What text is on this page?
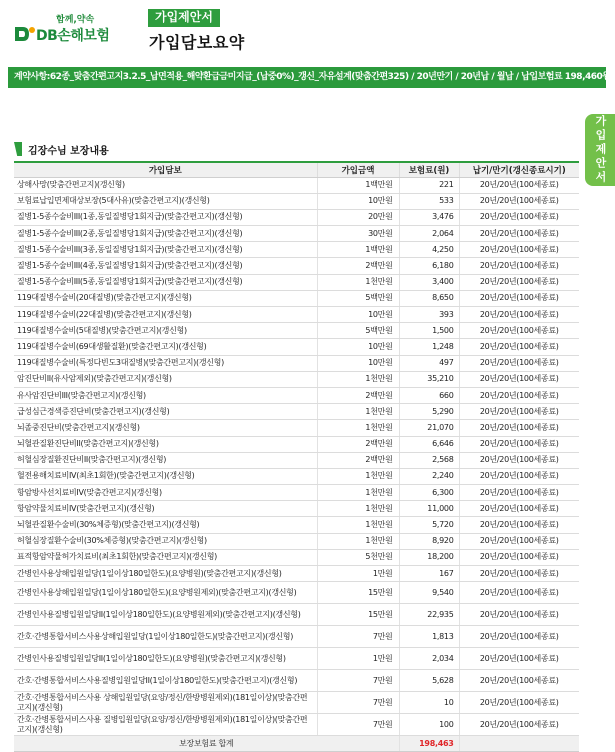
함께,약속
DB손해보험
가입제안서
가입담보요약
계약사항:62종_맞춤간편고지3.2.5_납면적용_해약환급금미지급_(납중0%)_갱신_자유설계(맞춤간편325) / 20년만기 / 20년납 / 월납 / 납입보험료 198,460원
가입제안서
김장수님 보장내용
가입담보	가입금액	보험료(원)	납기/만기(갱신종료시기)
상해사망(맞춤간편고지)(갱신형)	1백만원	221	20년/20년(100세종료)
보험료납입면제대상보장(5대사유)(맞춤간편고지)(갱신형)	10만원	533	20년/20년(100세종료)
질병1-5종수술비III(1종,동일질병당1회지급)(맞춤간편고지)(갱신형)	20만원	3,476	20년/20년(100세종료)
질병1-5종수술비III(2종,동일질병당1회지급)(맞춤간편고지)(갱신형)	30만원	2,064	20년/20년(100세종료)
질병1-5종수술비III(3종,동일질병당1회지급)(맞춤간편고지)(갱신형)	1백만원	4,250	20년/20년(100세종료)
질병1-5종수술비III(4종,동일질병당1회지급)(맞춤간편고지)(갱신형)	2백만원	6,180	20년/20년(100세종료)
질병1-5종수술비III(5종,동일질병당1회지급)(맞춤간편고지)(갱신형)	1천만원	3,400	20년/20년(100세종료)
119대질병수술비(20대질병)(맞춤간편고지)(갱신형)	5백만원	8,650	20년/20년(100세종료)
119대질병수술비(22대질병)(맞춤간편고지)(갱신형)	10만원	393	20년/20년(100세종료)
119대질병수술비(5대질병)(맞춤간편고지)(갱신형)	5백만원	1,500	20년/20년(100세종료)
119대질병수술비(69대생활질환)(맞춤간편고지)(갱신형)	10만원	1,248	20년/20년(100세종료)
119대질병수술비(특정다빈도3대질병)(맞춤간편고지)(갱신형)	10만원	497	20년/20년(100세종료)
암진단비II(유사암제외)(맞춤간편고지)(갱신형)	1천만원	35,210	20년/20년(100세종료)
유사암진단비III(맞춤간편고지)(갱신형)	2백만원	660	20년/20년(100세종료)
급성심근경색증진단비(맞춤간편고지)(갱신형)	1천만원	5,290	20년/20년(100세종료)
뇌졸중진단비(맞춤간편고지)(갱신형)	1천만원	21,070	20년/20년(100세종료)
뇌혈관질환진단비II(맞춤간편고지)(갱신형)	2백만원	6,646	20년/20년(100세종료)
허혈심장질환진단비II(맞춤간편고지)(갱신형)	2백만원	2,568	20년/20년(100세종료)
혈전용해치료비IV(최초1회한)(맞춤간편고지)(갱신형)	1천만원	2,240	20년/20년(100세종료)
항암방사선치료비IV(맞춤간편고지)(갱신형)	1천만원	6,300	20년/20년(100세종료)
항암약물치료비IV(맞춤간편고지)(갱신형)	1천만원	11,000	20년/20년(100세종료)
뇌혈관질환수술비(30%체증형)(맞춤간편고지)(갱신형)	1천만원	5,720	20년/20년(100세종료)
허혈심장질환수술비(30%체증형)(맞춤간편고지)(갱신형)	1천만원	8,920	20년/20년(100세종료)
표적항암약물허가치료비(최초1회한)(맞춤간편고지)(갱신형)	5천만원	18,200	20년/20년(100세종료)
간병인사용상해입원일당(1일이상180일한도)(요양병원)(맞춤간편고지)(갱신형)	1만원	167	20년/20년(100세종료)
간병인사용상해입원일당(1일이상180일한도)(요양병원제외)(맞춤간편고지)(갱신형)	15만원	9,540	20년/20년(100세종료)
간병인사용질병입원일당II(1일이상180일한도)(요양병원제외)(맞춤간편고지)(갱신형)	15만원	22,935	20년/20년(100세종료)
간호·간병통합서비스사용상해입원일당(1일이상180일한도)(맞춤간편고지)(갱신형)	7만원	1,813	20년/20년(100세종료)
간병인사용질병입원일당II(1일이상180일한도)(요양병원)(맞춤간편고지)(갱신형)	1만원	2,034	20년/20년(100세종료)
간호·간병통합서비스사용질병입원일당II(1일이상180일한도)(맞춤간편고지)(갱신형)	7만원	5,628	20년/20년(100세종료)
간호·간병통합서비스사용 상해입원일당(요양/정신/한방병원제외)(181일이상)(맞춤간편고지)(갱신형)	7만원	10	20년/20년(100세종료)
간호·간병통합서비스사용 질병입원일당(요양/정신/한방병원제외)(181일이상)(맞춤간편고지)(갱신형)	7만원	100	20년/20년(100세종료)
보장보험료 합계		198,463	
